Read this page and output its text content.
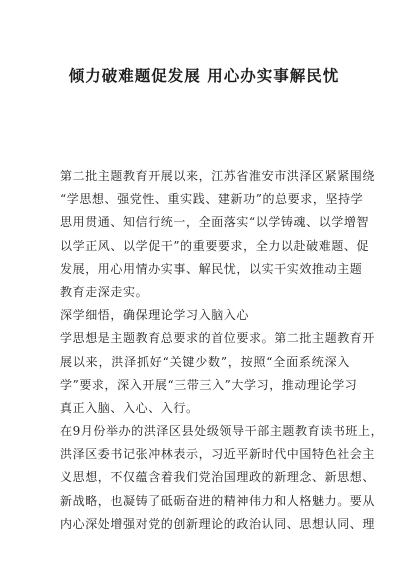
倾力破难题促发展 用心办实事解民忧
第二批主题教育开展以来，江苏省淮安市洪泽区紧紧围绕
“学思想、强党性、重实践、建新功”的总要求，坚持学
思用贯通、知信行统一，全面落实“以学铸魂、以学增智
以学正风、以学促干”的重要要求，全力以赴破难题、促
发展，用心用情办实事、解民忧，以实干实效推动主题
教育走深走实。
深学细悟，确保理论学习入脑入心
学思想是主题教育总要求的首位要求。第二批主题教育开
展以来，洪泽抓好“关键少数”，按照“全面系统深入
学”要求，深入开展“三带三入”大学习，推动理论学习
真正入脑、入心、入行。
在9月份举办的洪泽区县处级领导干部主题教育读书班上，
洪泽区委书记张冲林表示，习近平新时代中国特色社会主
义思想，不仅蕴含着我们党治国理政的新理念、新思想、
新战略，也凝铸了砥砺奋进的精神伟力和人格魅力。要从
内心深处增强对党的创新理论的政治认同、思想认同、理
